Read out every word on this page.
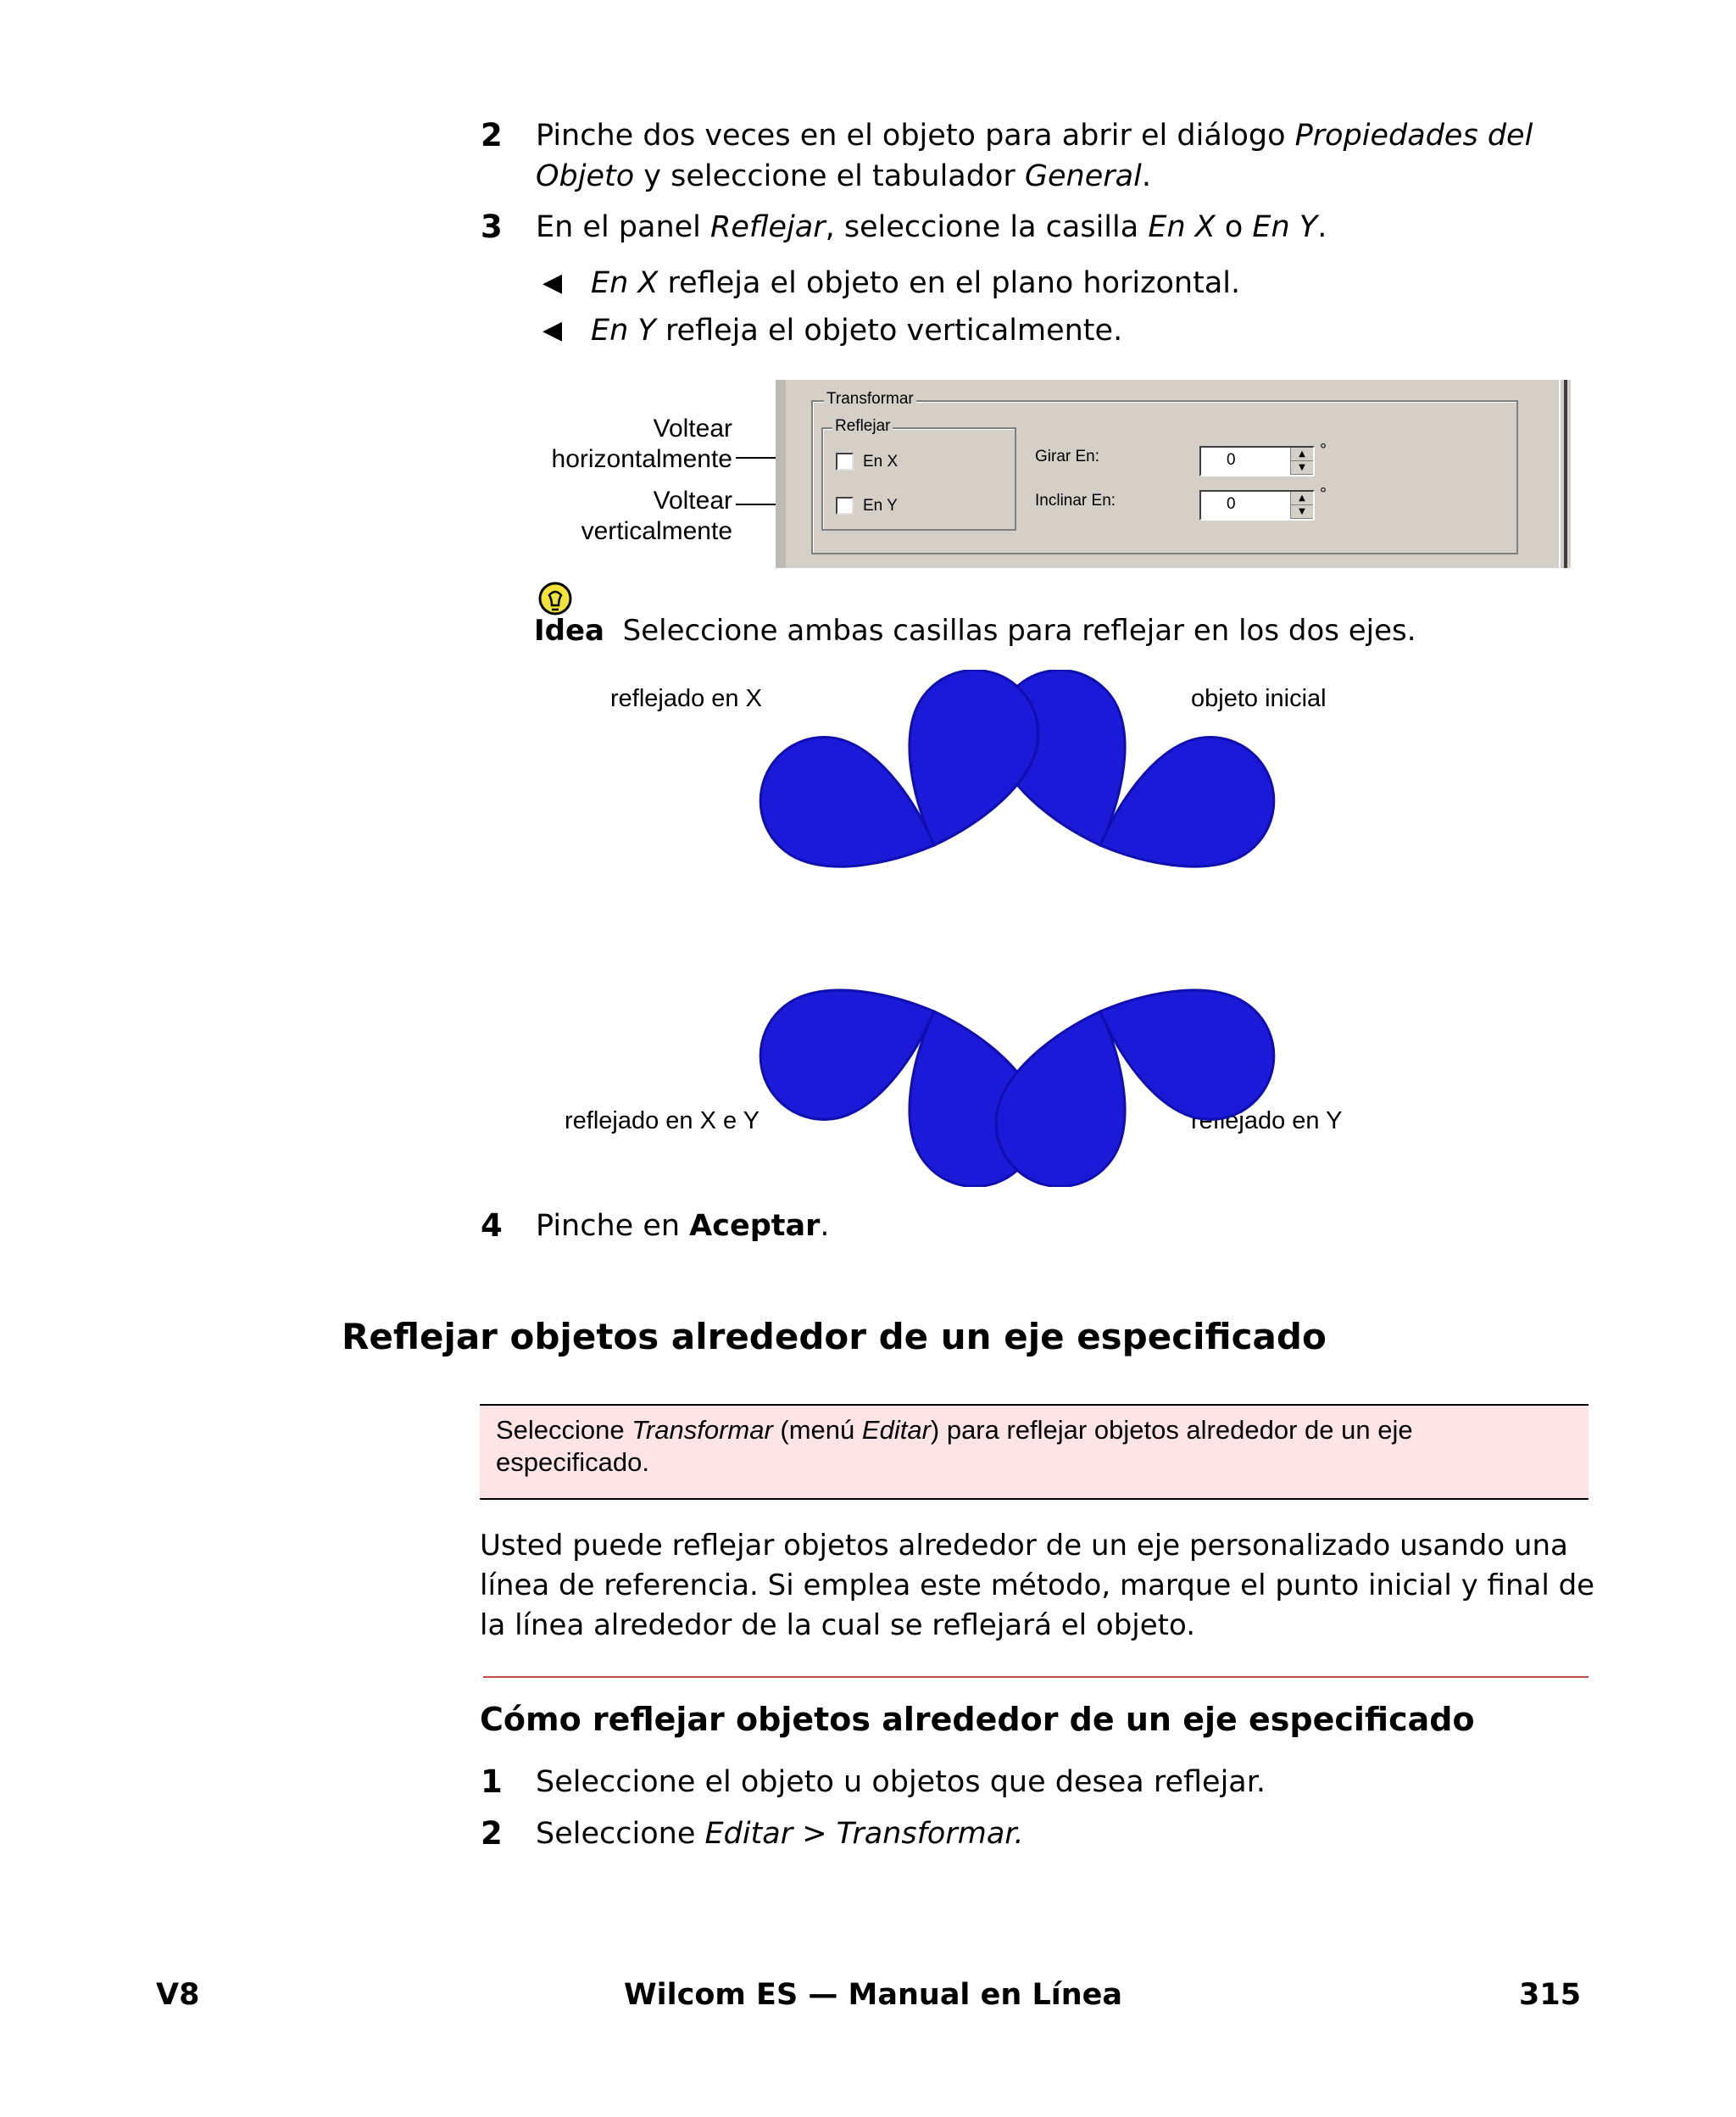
2 Pinche dos veces en el objeto para abrir el diálogo Propiedades del
Objeto y seleccione el tabulador General.
3 En el panel Reflejar, seleccione la casilla En X o En Y.
◀ En X refleja el objeto en el plano horizontal.
◀ En Y refleja el objeto verticalmente.
Voltear
horizontalmente
Voltear
verticalmente
Transformar
Reflejar
En X
En Y
Girar En:	0	▲
▼
°
Inclinar En:	0	▲
▼
°
Idea Seleccione ambas casillas para reflejar en los dos ejes.
reflejado en X	objeto inicial
reflejado en X e Y	reflejado en Y
4 Pinche en Aceptar.
Reflejar objetos alrededor de un eje especificado
Seleccione Transformar (menú Editar) para reflejar objetos alrededor de un eje especificado.
Usted puede reflejar objetos alrededor de un eje personalizado usando una línea de referencia. Si emplea este método, marque el punto inicial y final de la línea alrededor de la cual se reflejará el objeto.
Cómo reflejar objetos alrededor de un eje especificado
1 Seleccione el objeto u objetos que desea reflejar.
2 Seleccione Editar > Transformar.
V8	Wilcom ES — Manual en Línea	315
